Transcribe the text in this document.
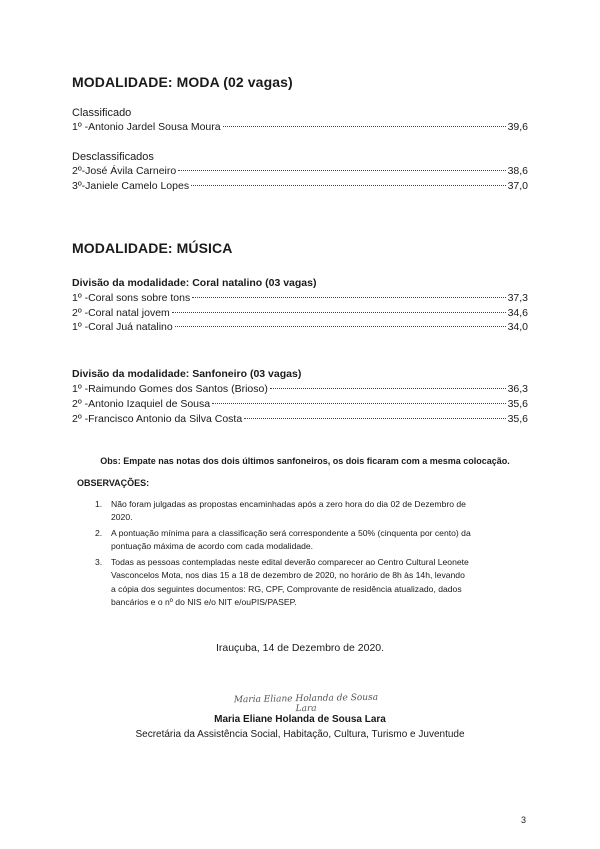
MODALIDADE: MODA (02 vagas)
Classificado
1º -Antonio Jardel Sousa Moura	39,6
Desclassificados
2º-José Ávila Carneiro	38,6
3º-Janiele Camelo Lopes	37,0
MODALIDADE: MÚSICA
Divisão da modalidade: Coral natalino (03 vagas)
1º -Coral sons sobre tons	37,3
2º -Coral natal jovem	34,6
1º -Coral Juá natalino	34,0
Divisão da modalidade: Sanfoneiro (03 vagas)
1º -Raimundo Gomes dos Santos (Brioso)	36,3
2º -Antonio Izaquiel de Sousa	35,6
2º -Francisco Antonio da Silva Costa	35,6
Obs: Empate nas notas dos dois últimos sanfoneiros, os dois ficaram com a mesma colocação.
OBSERVAÇÕES:
1. Não foram julgadas as propostas encaminhadas após a zero hora do dia 02 de Dezembro de 2020.
2. A pontuação mínima para a classificação será correspondente a 50% (cinquenta por cento) da pontuação máxima de acordo com cada modalidade.
3. Todas as pessoas contempladas neste edital deverão comparecer ao Centro Cultural Leonete Vasconcelos Mota, nos dias 15 a 18 de dezembro de 2020, no horário de 8h às 14h, levando a cópia dos seguintes documentos: RG, CPF, Comprovante de residência atualizado, dados bancários e o nº do NIS e/o NIT e/ouPIS/PASEP.
Irauçuba, 14 de Dezembro de 2020.
Maria Eliane Holanda de Sousa Lara
Maria Eliane Holanda de Sousa Lara
Secretária da Assistência Social, Habitação, Cultura, Turismo e Juventude
3
